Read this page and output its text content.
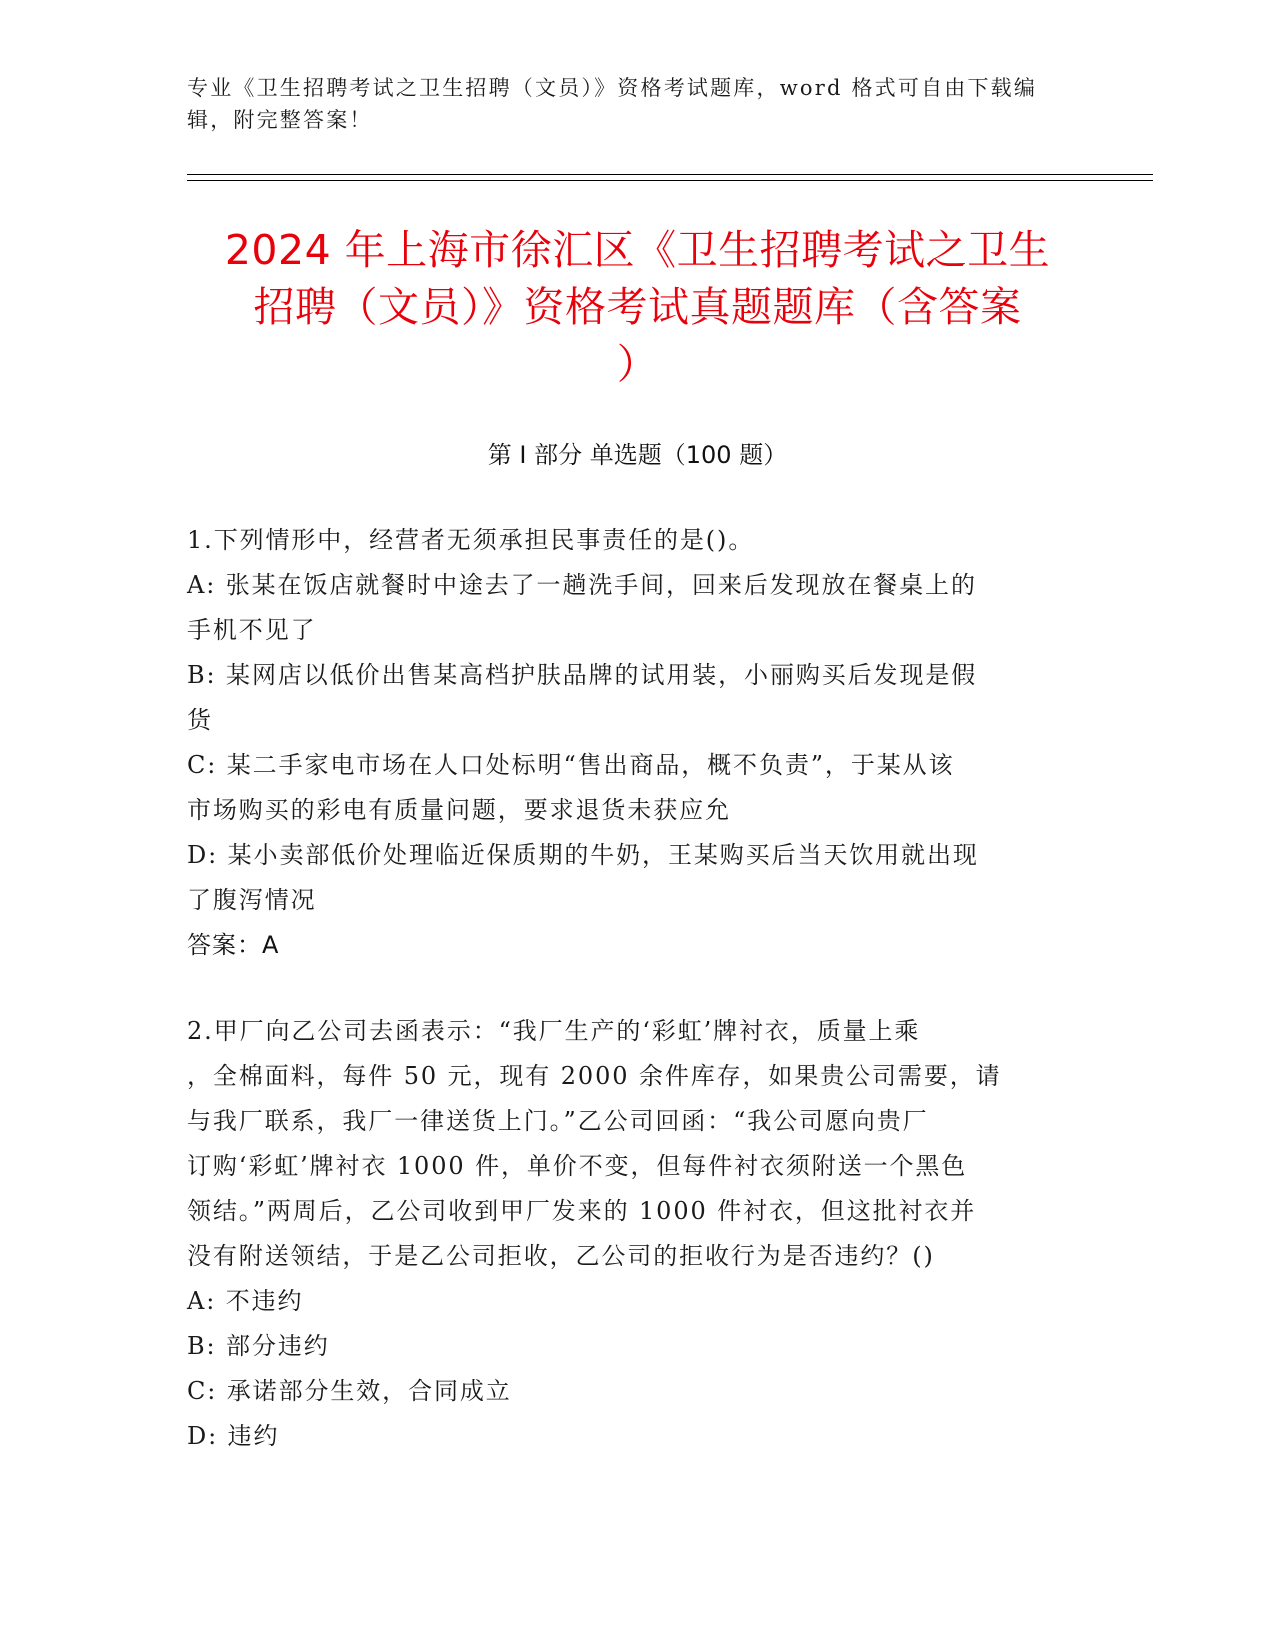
专业《卫生招聘考试之卫生招聘（文员）》资格考试题库，word 格式可自由下载编辑，附完整答案！
2024 年上海市徐汇区《卫生招聘考试之卫生
招聘（文员）》资格考试真题题库（含答案
）
第 I 部分 单选题（100 题）

1.下列情形中，经营者无须承担民事责任的是()。

A: 张某在饭店就餐时中途去了一趟洗手间，回来后发现放在餐桌上的

手机不见了

B: 某网店以低价出售某高档护肤品牌的试用装，小丽购买后发现是假

货

C: 某二手家电市场在人口处标明“售出商品，概不负责”，于某从该

市场购买的彩电有质量问题，要求退货未获应允

D: 某小卖部低价处理临近保质期的牛奶，王某购买后当天饮用就出现

了腹泻情况

答案：A

2.甲厂向乙公司去函表示：“我厂生产的‘彩虹’牌衬衣，质量上乘

，全棉面料，每件 50 元，现有 2000 余件库存，如果贵公司需要，请

与我厂联系，我厂一律送货上门。”乙公司回函：“我公司愿向贵厂

订购‘彩虹’牌衬衣 1000 件，单价不变，但每件衬衣须附送一个黑色

领结。”两周后，乙公司收到甲厂发来的 1000 件衬衣，但这批衬衣并

没有附送领结，于是乙公司拒收，乙公司的拒收行为是否违约？()

A: 不违约

B: 部分违约

C: 承诺部分生效，合同成立

D: 违约
